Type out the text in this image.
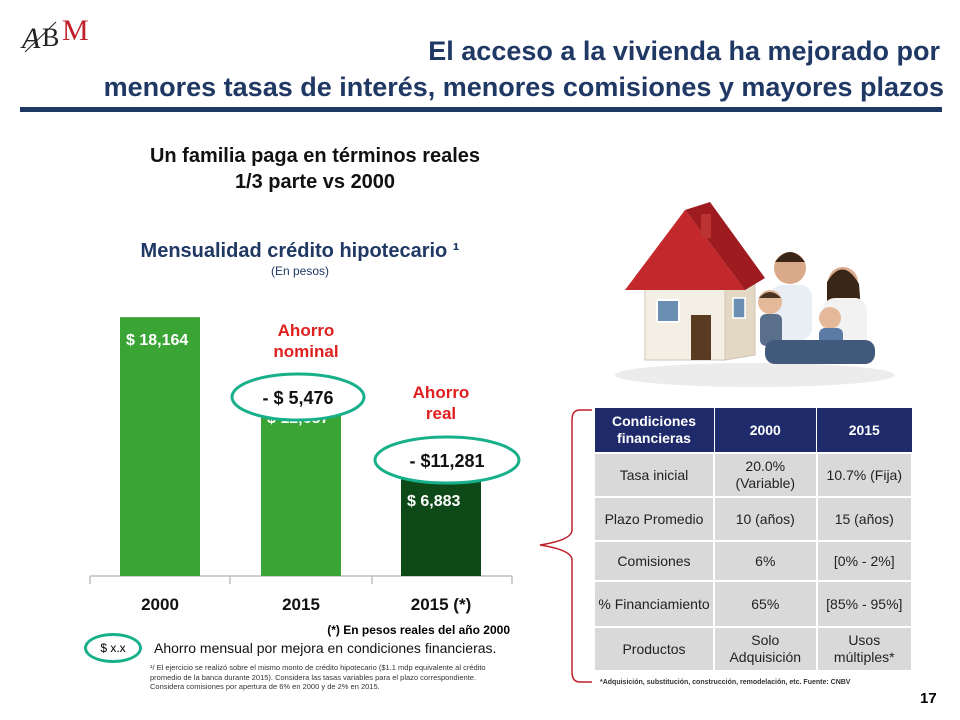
A B M
El acceso a la vivienda ha mejorado por
menores tasas de interés, menores comisiones y mayores plazos
Un familia paga en términos reales
1/3 parte vs 2000
Mensualidad crédito hipotecario ¹
(En pesos)
$ 18,164
2000	2015
$ 6,883
2015 (*)
Ahorro
nominal
- $ 5,476	Ahorro
real
- $11,281
(*) En pesos reales del año 2000
$ x.x	Ahorro mensual por mejora en condiciones financieras.
¹/ El ejercicio se realizó sobre el mismo monto de crédito hipotecario ($1.1 mdp equivalente al crédito promedio de la banca durante 2015). Considera las tasas variables para el plazo correspondiente. Considera comisiones por apertura de 6% en 2000 y de 2% en 2015.
Condiciones financieras	2000	2015
Tasa inicial	20.0% (Variable)	10.7% (Fija)
Plazo Promedio	10 (años)	15 (años)
Comisiones	6%	[0% - 2%]
% Financiamiento	65%	[85% - 95%]
Productos	Solo Adquisición	Usos múltiples*
*Adquisición, substitución, construcción, remodelación, etc. Fuente: CNBV
17
